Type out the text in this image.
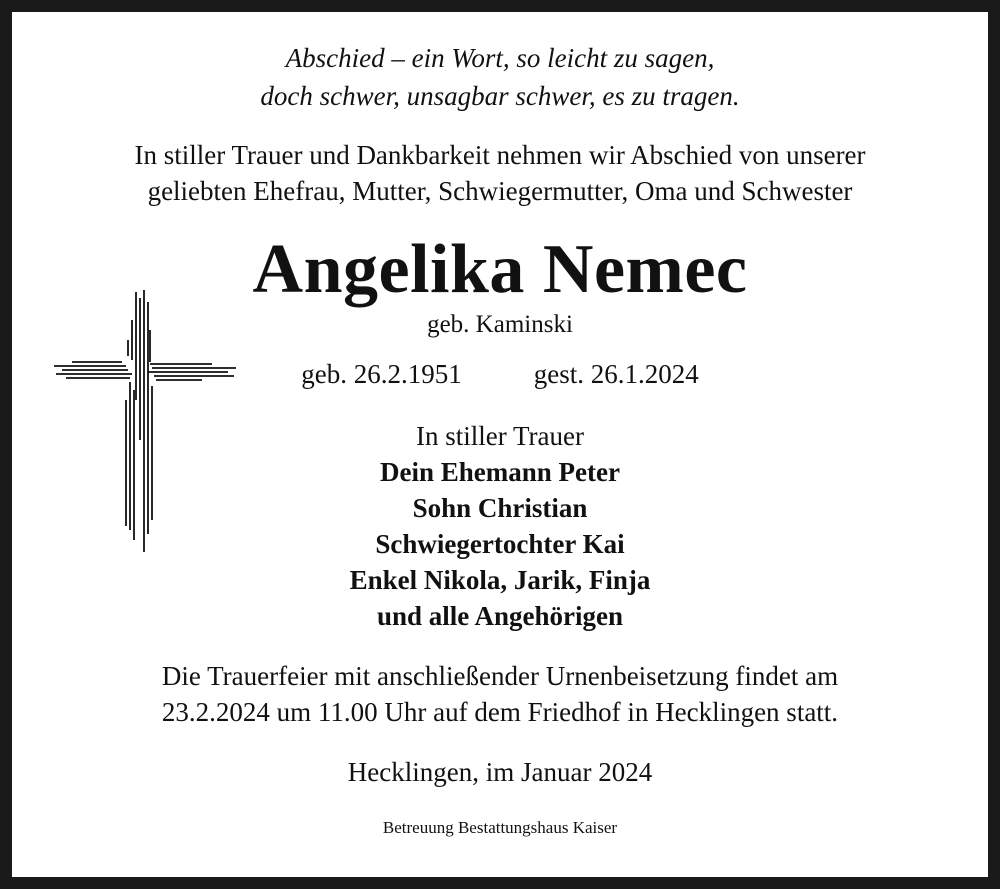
Abschied – ein Wort, so leicht zu sagen,
doch schwer, unsagbar schwer, es zu tragen.
In stiller Trauer und Dankbarkeit nehmen wir Abschied von unserer
geliebten Ehefrau, Mutter, Schwiegermutter, Oma und Schwester
Angelika Nemec
geb. Kaminski
geb. 26.2.1951	gest. 26.1.2024
In stiller Trauer
Dein Ehemann Peter
Sohn Christian
Schwiegertochter Kai
Enkel Nikola, Jarik, Finja
und alle Angehörigen
Die Trauerfeier mit anschließender Urnenbeisetzung findet am
23.2.2024 um 11.00 Uhr auf dem Friedhof in Hecklingen statt.
Hecklingen, im Januar 2024
Betreuung Bestattungshaus Kaiser
